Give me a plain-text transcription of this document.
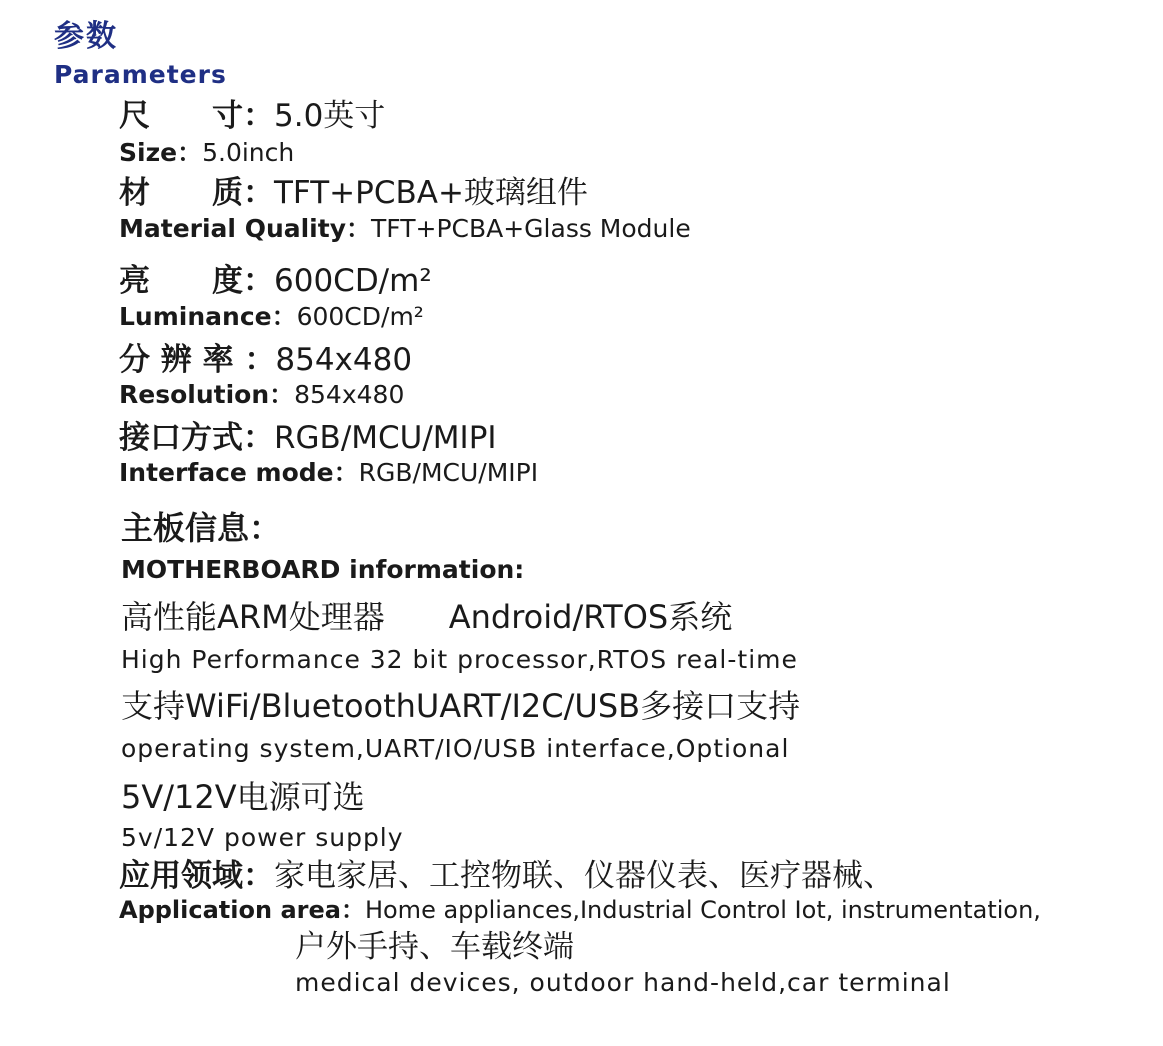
参数
Parameters
尺　　寸：5.0英寸
Size：5.0inch
材　　质：TFT+PCBA+玻璃组件
Material Quality：TFT+PCBA+Glass Module
亮　　度：600CD/m²
Luminance：600CD/m²
分 辨 率 ：854x480
Resolution：854x480
接口方式：RGB/MCU/MIPI
Interface mode：RGB/MCU/MIPI
主板信息：
MOTHERBOARD information:
高性能ARM处理器　　Android/RTOS系统
High Performance 32 bit processor,RTOS real-time
支持WiFi/BluetoothUART/I2C/USB多接口支持
operating system,UART/IO/USB interface,Optional
5V/12V电源可选
5v/12V power supply
应用领域：家电家居、工控物联、仪器仪表、医疗器械、
Application area：Home appliances,Industrial Control Iot, instrumentation,
户外手持、车载终端
medical devices, outdoor hand-held,car terminal
